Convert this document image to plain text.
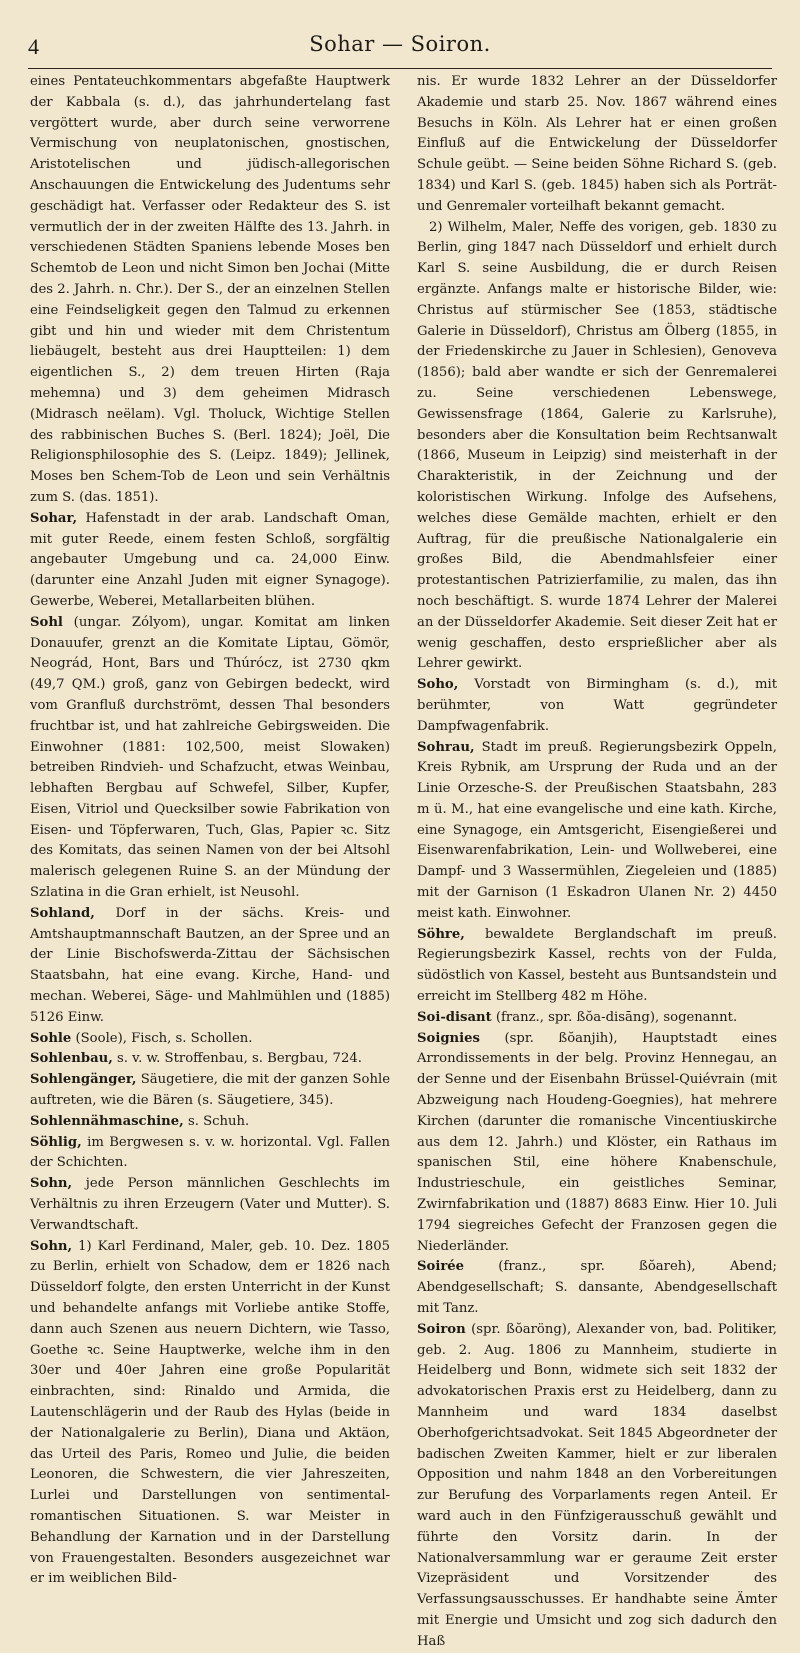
4	Sohar — Soiron.

eines Pentateuchkommentars abgefaßte Hauptwerk der Kabbala (s. d.), das jahrhundertelang fast vergöttert wurde, aber durch seine verworrene Vermischung von neuplatonischen, gnostischen, Aristotelischen und jüdisch-allegorischen Anschauungen die Entwickelung des Judentums sehr geschädigt hat. Verfasser oder Redakteur des S. ist vermutlich der in der zweiten Hälfte des 13. Jahrh. in verschiedenen Städten Spaniens lebende Moses ben Schemtob de Leon und nicht Simon ben Jochai (Mitte des 2. Jahrh. n. Chr.). Der S., der an einzelnen Stellen eine Feindseligkeit gegen den Talmud zu erkennen gibt und hin und wieder mit dem Christentum liebäugelt, besteht aus drei Hauptteilen: 1) dem eigentlichen S., 2) dem treuen Hirten (Raja mehemna) und 3) dem geheimen Midrasch (Midrasch neëlam). Vgl. Tholuck, Wichtige Stellen des rabbinischen Buches S. (Berl. 1824); Joël, Die Religionsphilosophie des S. (Leipz. 1849); Jellinek, Moses ben Schem-Tob de Leon und sein Verhältnis zum S. (das. 1851).

Sohar, Hafenstadt in der arab. Landschaft Oman, mit guter Reede, einem festen Schloß, sorgfältig angebauter Umgebung und ca. 24,000 Einw. (darunter eine Anzahl Juden mit eigner Synagoge). Gewerbe, Weberei, Metallarbeiten blühen.

Sohl (ungar. Zólyom), ungar. Komitat am linken Donauufer, grenzt an die Komitate Liptau, Gömör, Neográd, Hont, Bars und Thúrócz, ist 2730 qkm (49,7 QM.) groß, ganz von Gebirgen bedeckt, wird vom Granfluß durchströmt, dessen Thal besonders fruchtbar ist, und hat zahlreiche Gebirgsweiden. Die Einwohner (1881: 102,500, meist Slowaken) betreiben Rindvieh- und Schafzucht, etwas Weinbau, lebhaften Bergbau auf Schwefel, Silber, Kupfer, Eisen, Vitriol und Quecksilber sowie Fabrikation von Eisen- und Töpferwaren, Tuch, Glas, Papier ꝛc. Sitz des Komitats, das seinen Namen von der bei Altsohl malerisch gelegenen Ruine S. an der Mündung der Szlatina in die Gran erhielt, ist Neusohl.

Sohland, Dorf in der sächs. Kreis- und Amtshauptmannschaft Bautzen, an der Spree und an der Linie Bischofswerda-Zittau der Sächsischen Staatsbahn, hat eine evang. Kirche, Hand- und mechan. Weberei, Säge- und Mahlmühlen und (1885) 5126 Einw.

Sohle (Soole), Fisch, s. Schollen.

Sohlenbau, s. v. w. Stroffenbau, s. Bergbau, 724.

Sohlengänger, Säugetiere, die mit der ganzen Sohle auftreten, wie die Bären (s. Säugetiere, 345).

Sohlennähmaschine, s. Schuh.

Söhlig, im Bergwesen s. v. w. horizontal. Vgl. Fallen der Schichten.

Sohn, jede Person männlichen Geschlechts im Verhältnis zu ihren Erzeugern (Vater und Mutter). S. Verwandtschaft.

Sohn, 1) Karl Ferdinand, Maler, geb. 10. Dez. 1805 zu Berlin, erhielt von Schadow, dem er 1826 nach Düsseldorf folgte, den ersten Unterricht in der Kunst und behandelte anfangs mit Vorliebe antike Stoffe, dann auch Szenen aus neuern Dichtern, wie Tasso, Goethe ꝛc. Seine Hauptwerke, welche ihm in den 30er und 40er Jahren eine große Popularität einbrachten, sind: Rinaldo und Armida, die Lautenschlägerin und der Raub des Hylas (beide in der Nationalgalerie zu Berlin), Diana und Aktäon, das Urteil des Paris, Romeo und Julie, die beiden Leonoren, die Schwestern, die vier Jahreszeiten, Lurlei und Darstellungen von sentimental-romantischen Situationen. S. war Meister in Behandlung der Karnation und in der Darstellung von Frauengestalten. Besonders ausgezeichnet war er im weiblichen Bild-

nis. Er wurde 1832 Lehrer an der Düsseldorfer Akademie und starb 25. Nov. 1867 während eines Besuchs in Köln. Als Lehrer hat er einen großen Einfluß auf die Entwickelung der Düsseldorfer Schule geübt. — Seine beiden Söhne Richard S. (geb. 1834) und Karl S. (geb. 1845) haben sich als Porträt- und Genremaler vorteilhaft bekannt gemacht.

2) Wilhelm, Maler, Neffe des vorigen, geb. 1830 zu Berlin, ging 1847 nach Düsseldorf und erhielt durch Karl S. seine Ausbildung, die er durch Reisen ergänzte. Anfangs malte er historische Bilder, wie: Christus auf stürmischer See (1853, städtische Galerie in Düsseldorf), Christus am Ölberg (1855, in der Friedenskirche zu Jauer in Schlesien), Genoveva (1856); bald aber wandte er sich der Genremalerei zu. Seine verschiedenen Lebenswege, Gewissensfrage (1864, Galerie zu Karlsruhe), besonders aber die Konsultation beim Rechtsanwalt (1866, Museum in Leipzig) sind meisterhaft in der Charakteristik, in der Zeichnung und der koloristischen Wirkung. Infolge des Aufsehens, welches diese Gemälde machten, erhielt er den Auftrag, für die preußische Nationalgalerie ein großes Bild, die Abendmahlsfeier einer protestantischen Patrizierfamilie, zu malen, das ihn noch beschäftigt. S. wurde 1874 Lehrer der Malerei an der Düsseldorfer Akademie. Seit dieser Zeit hat er wenig geschaffen, desto ersprießlicher aber als Lehrer gewirkt.

Soho, Vorstadt von Birmingham (s. d.), mit berühmter, von Watt gegründeter Dampfwagenfabrik.

Sohrau, Stadt im preuß. Regierungsbezirk Oppeln, Kreis Rybnik, am Ursprung der Ruda und an der Linie Orzesche-S. der Preußischen Staatsbahn, 283 m ü. M., hat eine evangelische und eine kath. Kirche, eine Synagoge, ein Amtsgericht, Eisengießerei und Eisenwarenfabrikation, Lein- und Wollweberei, eine Dampf- und 3 Wassermühlen, Ziegeleien und (1885) mit der Garnison (1 Eskadron Ulanen Nr. 2) 4450 meist kath. Einwohner.

Söhre, bewaldete Berglandschaft im preuß. Regierungsbezirk Kassel, rechts von der Fulda, südöstlich von Kassel, besteht aus Buntsandstein und erreicht im Stellberg 482 m Höhe.

Soi-disant (franz., spr. ßŏa-disāng), sogenannt.

Soignies (spr. ßŏanjih), Hauptstadt eines Arrondissements in der belg. Provinz Hennegau, an der Senne und der Eisenbahn Brüssel-Quiévrain (mit Abzweigung nach Houdeng-Goegnies), hat mehrere Kirchen (darunter die romanische Vincentiuskirche aus dem 12. Jahrh.) und Klöster, ein Rathaus im spanischen Stil, eine höhere Knabenschule, Industrieschule, ein geistliches Seminar, Zwirnfabrikation und (1887) 8683 Einw. Hier 10. Juli 1794 siegreiches Gefecht der Franzosen gegen die Niederländer.

Soirée (franz., spr. ßŏareh), Abend; Abendgesellschaft; S. dansante, Abendgesellschaft mit Tanz.

Soiron (spr. ßŏaröng), Alexander von, bad. Politiker, geb. 2. Aug. 1806 zu Mannheim, studierte in Heidelberg und Bonn, widmete sich seit 1832 der advokatorischen Praxis erst zu Heidelberg, dann zu Mannheim und ward 1834 daselbst Oberhofgerichtsadvokat. Seit 1845 Abgeordneter der badischen Zweiten Kammer, hielt er zur liberalen Opposition und nahm 1848 an den Vorbereitungen zur Berufung des Vorparlaments regen Anteil. Er ward auch in den Fünfzigerausschuß gewählt und führte den Vorsitz darin. In der Nationalversammlung war er geraume Zeit erster Vizepräsident und Vorsitzender des Verfassungsausschusses. Er handhabte seine Ämter mit Energie und Umsicht und zog sich dadurch den Haß
